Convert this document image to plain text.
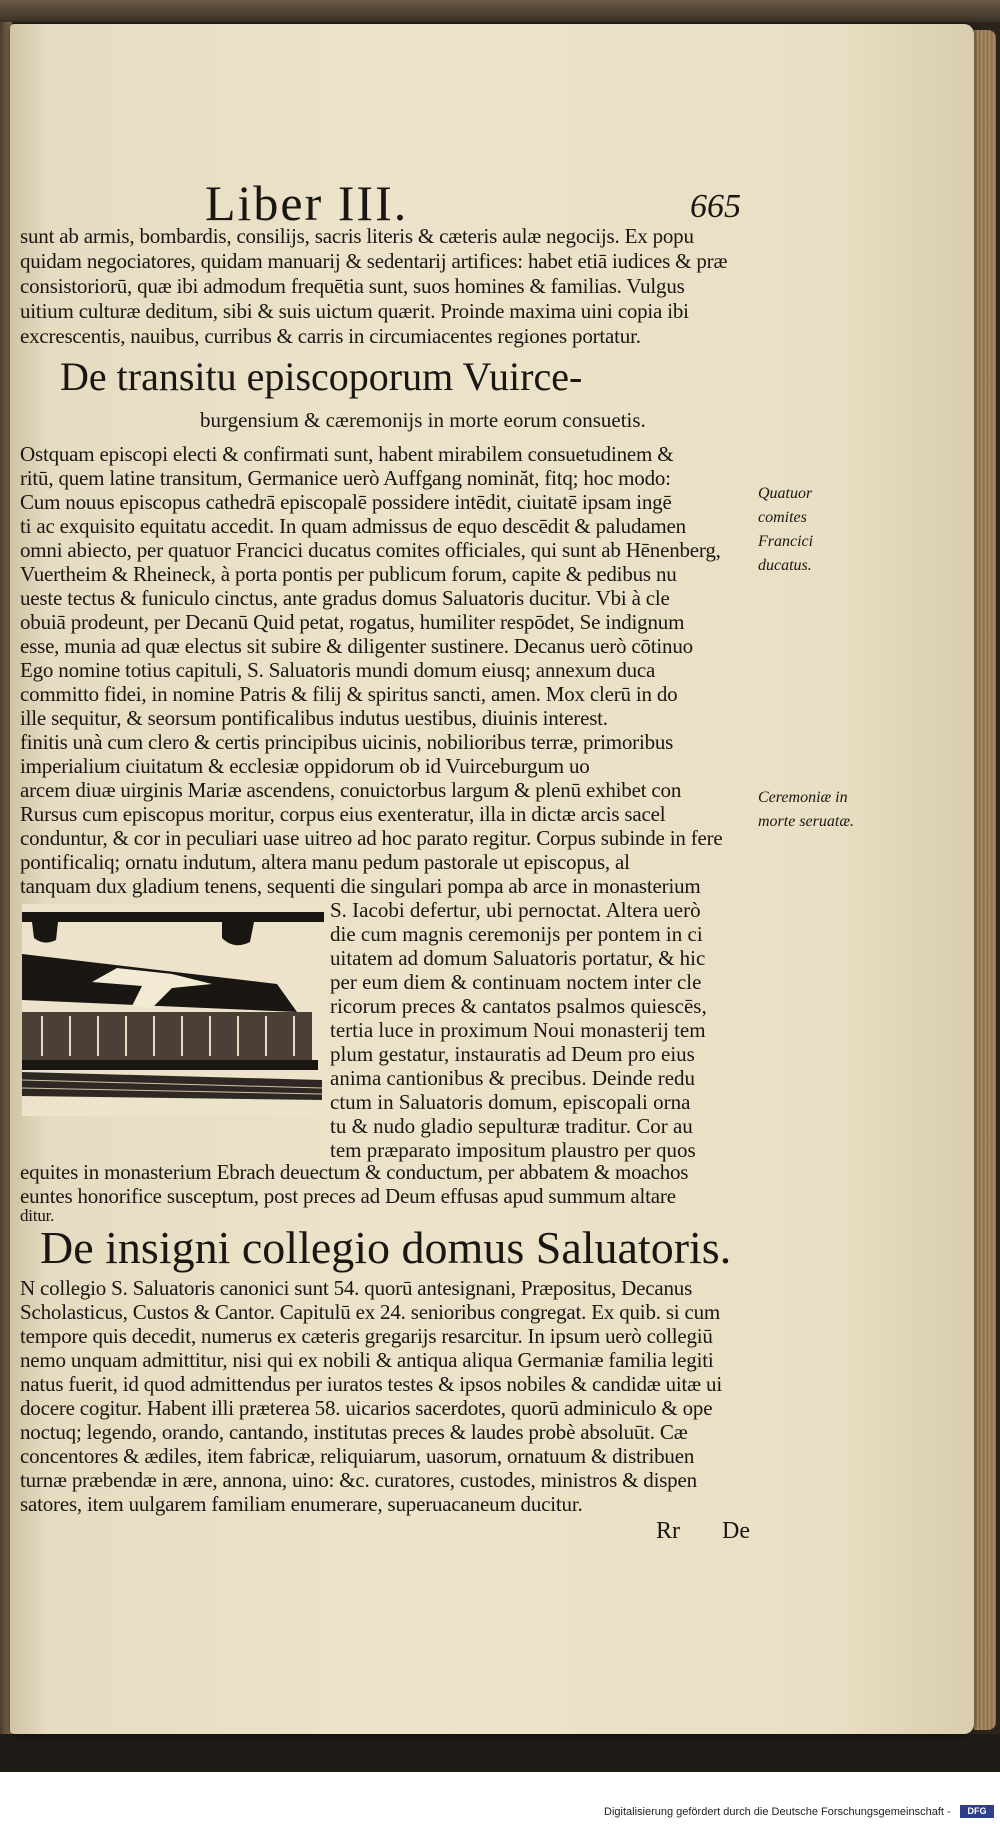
Liber III.	665
sunt ab armis, bombardis, consilijs, sacris literis & cæteris aulæ negocijs. Ex popu
quidam negociatores, quidam manuarij & sedentarij artifices: habet etiā iudices & præ
consistoriorū, quæ ibi admodum frequētia sunt, suos homines & familias. Vulgus
uitium culturæ deditum, sibi & suis uictum quærit. Proinde maxima uini copia ibi
excrescentis, nauibus, curribus & carris in circumiacentes regiones portatur.
De transitu episcoporum Vuirce-
burgensium & cæremonijs in morte eorum consuetis.
Ostquam episcopi electi & confirmati sunt, habent mirabilem consuetudinem &
ritū, quem latine transitum, Germanice uerò Auffgang nominăt, fitq; hoc modo:
Cum nouus episcopus cathedrā episcopalē possidere intēdit, ciuitatē ipsam ingē
ti ac exquisito equitatu accedit. In quam admissus de equo descēdit & paludamen
omni abiecto, per quatuor Francici ducatus comites officiales, qui sunt ab Hēnenberg,
Vuertheim & Rheineck, à porta pontis per publicum forum, capite & pedibus nu
ueste tectus & funiculo cinctus, ante gradus domus Saluatoris ducitur. Vbi à cle
obuiā prodeunt, per Decanū Quid petat, rogatus, humiliter respōdet, Se indignum
esse, munia ad quæ electus sit subire & diligenter sustinere. Decanus uerò cōtinuo
Ego nomine totius capituli, S. Saluatoris mundi domum eiusq; annexum duca
committo fidei, in nomine Patris & filij & spiritus sancti, amen. Mox clerū in do
ille sequitur, & seorsum pontificalibus indutus uestibus, diuinis interest.
finitis unà cum clero & certis principibus uicinis, nobilioribus terræ, primoribus
imperialium ciuitatum & ecclesiæ oppidorum ob id Vuirceburgum uo
arcem diuæ uirginis Mariæ ascendens, conuictorbus largum & plenū exhibet con
Rursus cum episcopus moritur, corpus eius exenteratur, illa in dictæ arcis sacel
conduntur, & cor in peculiari uase uitreo ad hoc parato regitur. Corpus subinde in fere
pontificaliq; ornatu indutum, altera manu pedum pastorale ut episcopus, al
tanquam dux gladium tenens, sequenti die singulari pompa ab arce in monasterium
Quatuor comites Francici ducatus.
Ceremoniæ in morte seruatæ.
S. Iacobi defertur, ubi pernoctat. Altera uerò
die cum magnis ceremonijs per pontem in ci
uitatem ad domum Saluatoris portatur, & hic
per eum diem & continuam noctem inter cle
ricorum preces & cantatos psalmos quiescēs,
tertia luce in proximum Noui monasterij tem
plum gestatur, instauratis ad Deum pro eius
anima cantionibus & precibus. Deinde redu
ctum in Saluatoris domum, episcopali orna
tu & nudo gladio sepulturæ traditur. Cor au
tem præparato impositum plaustro per quos
equites in monasterium Ebrach deuectum & conductum, per abbatem & moachos
euntes honorifice susceptum, post preces ad Deum effusas apud summum altare
ditur.
De insigni collegio domus Saluatoris.
N collegio S. Saluatoris canonici sunt 54. quorū antesignani, Præpositus, Decanus
Scholasticus, Custos & Cantor. Capitulū ex 24. senioribus congregat. Ex quib. si cum
tempore quis decedit, numerus ex cæteris gregarijs resarcitur. In ipsum uerò collegiū
nemo unquam admittitur, nisi qui ex nobili & antiqua aliqua Germaniæ familia legiti
natus fuerit, id quod admittendus per iuratos testes & ipsos nobiles & candidæ uitæ ui
docere cogitur. Habent illi præterea 58. uicarios sacerdotes, quorū adminiculo & ope
noctuq; legendo, orando, cantando, institutas preces & laudes probè absoluūt. Cæ
concentores & ædiles, item fabricæ, reliquiarum, uasorum, ornatuum & distribuen
turnæ præbendæ in ære, annona, uino: &c. curatores, custodes, ministros & dispen
satores, item uulgarem familiam enumerare, superuacaneum ducitur.
Rr De
Digitalisierung gefördert durch die Deutsche Forschungsgemeinschaft -	DFG
